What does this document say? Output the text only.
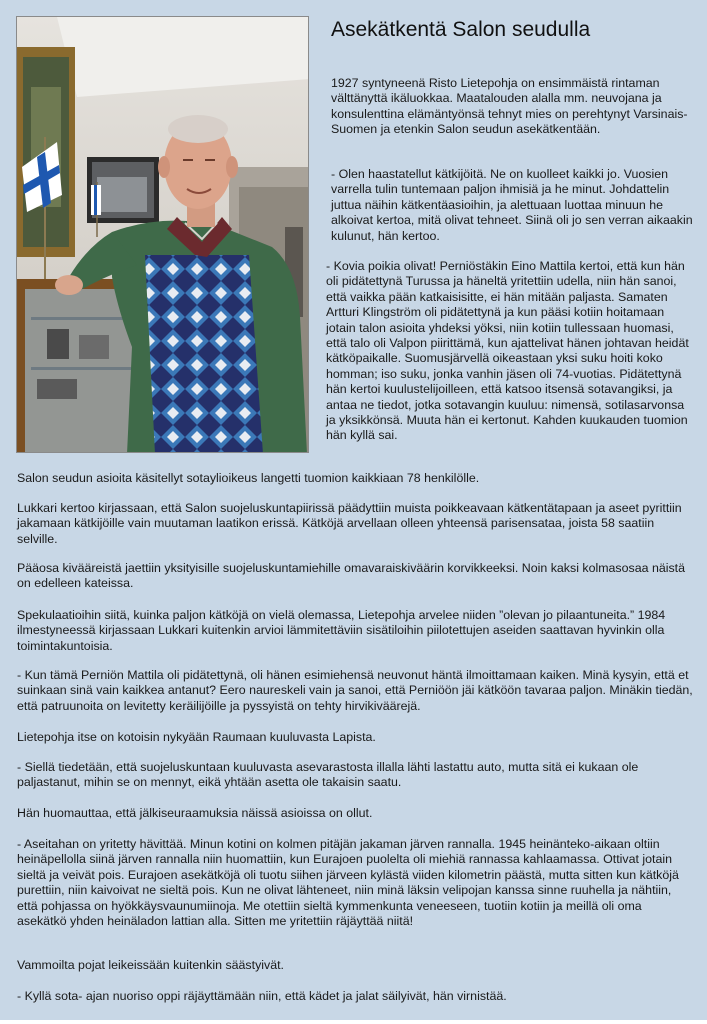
Asekätkentä Salon seudulla

1927 syntyneenä Risto Lietepohja on ensimmäistä rintaman välttänyttä ikäluokkaa. Maatalouden alalla mm. neuvojana ja konsulenttina elämäntyönsä tehnyt mies on perehtynyt Varsinais-Suomen ja etenkin Salon seudun asekätkentään.

- Olen haastatellut kätkijöitä. Ne on kuolleet kaikki jo. Vuosien varrella tulin tuntemaan paljon ihmisiä ja he minut. Johdattelin juttua näihin kätkentäasioihin, ja alettuaan luottaa minuun he alkoivat kertoa, mitä olivat tehneet. Siinä oli jo sen verran aikaakin kulunut, hän kertoo.

- Kovia poikia olivat! Perniöstäkin Eino Mattila kertoi, että kun hän oli pidätettynä Turussa ja häneltä yritettiin udella, niin hän sanoi, että vaikka pään katkaisisitte, ei hän mitään paljasta. Samaten Artturi Klingström oli pidätettynä ja kun pääsi kotiin hoitamaan jotain talon asioita yhdeksi yöksi, niin kotiin tullessaan huomasi, että talo oli Valpon piirittämä, kun ajattelivat hänen johtavan heidät kätköpaikalle. Suomusjärvellä oikeastaan yksi suku hoiti koko homman; iso suku, jonka vanhin jäsen oli 74-vuotias. Pidätettynä hän kertoi kuulustelijoilleen, että katsoo itsensä sotavangiksi, ja antaa ne tiedot, jotka sotavangin kuuluu: nimensä, sotilasarvonsa ja yksikkönsä. Muuta hän ei kertonut. Kahden kuukauden tuomion hän kyllä sai.

Salon seudun asioita käsitellyt sotaylioikeus langetti tuomion kaikkiaan 78 henkilölle.

Lukkari kertoo kirjassaan, että Salon suojeluskuntapiirissä päädyttiin muista poikkeavaan kätkentätapaan ja aseet pyrittiin jakamaan kätkijöille vain muutaman laatikon erissä. Kätköjä arvellaan olleen yhteensä parisensataa, joista 58 saatiin selville.

Pääosa kivääreistä jaettiin yksityisille suojeluskuntamiehille omavaraiskiväärin korvikkeeksi. Noin kaksi kolmasosaa näistä on edelleen kateissa.

Spekulaatioihin siitä, kuinka paljon kätköjä on vielä olemassa, Lietepohja arvelee niiden ”olevan jo pilaantuneita.” 1984 ilmestyneessä kirjassaan Lukkari kuitenkin arvioi lämmitettäviin sisätiloihin piilotettujen aseiden saattavan hyvinkin olla toimintakuntoisia.

- Kun tämä Perniön Mattila oli pidätettynä, oli hänen esimiehensä neuvonut häntä ilmoittamaan kaiken. Minä kysyin, että et suinkaan sinä vain kaikkea antanut? Eero naureskeli vain ja sanoi, että Perniöön jäi kätköön tavaraa paljon. Minäkin tiedän, että patruunoita on levitetty keräilijöille ja pyssyistä on tehty hirvikiväärejä.

Lietepohja itse on kotoisin nykyään Raumaan kuuluvasta Lapista.

- Siellä tiedetään, että suojeluskuntaan kuuluvasta asevarastosta illalla lähti lastattu auto, mutta sitä ei kukaan ole paljastanut, mihin se on mennyt, eikä yhtään asetta ole takaisin saatu.

Hän huomauttaa, että jälkiseuraamuksia näissä asioissa on ollut.

- Aseitahan on yritetty hävittää. Minun kotini on kolmen pitäjän jakaman järven rannalla. 1945 heinänteko-aikaan oltiin heinäpellolla siinä järven rannalla niin huomattiin, kun Eurajoen puolelta oli miehiä rannassa kahlaamassa. Ottivat jotain sieltä ja veivät pois. Eurajoen asekätköjä oli tuotu siihen järveen kylästä viiden kilometrin päästä, mutta sitten kun kätköjä purettiin, niin kaivoivat ne sieltä pois. Kun ne olivat lähteneet, niin minä läksin velipojan kanssa sinne ruuhella ja nähtiin, että pohjassa on hyökkäysvaunumiinoja. Me otettiin sieltä kymmenkunta veneeseen, tuotiin kotiin ja meillä oli oma asekätkö yhden heinäladon lattian alla. Sitten me yritettiin räjäyttää niitä!

Vammoilta pojat leikeissään kuitenkin säästyivät.

- Kyllä sota- ajan nuoriso oppi räjäyttämään niin, että kädet ja jalat säilyivät, hän virnistää.
